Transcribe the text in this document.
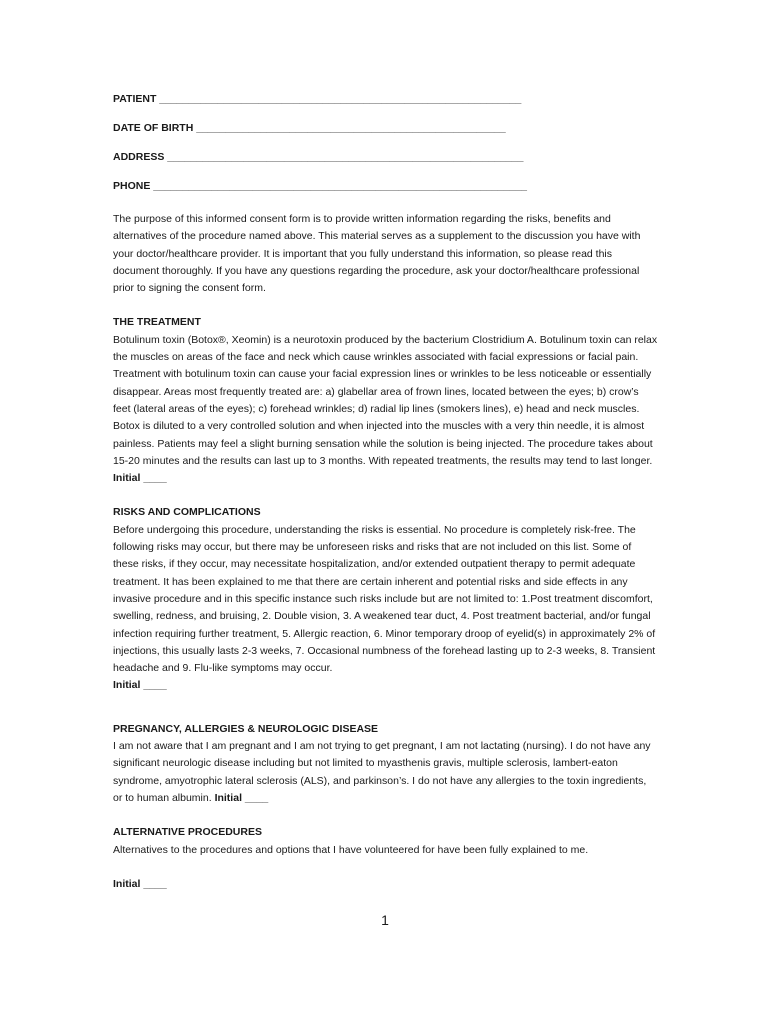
PATIENT ______________________________________________________________
DATE OF BIRTH _____________________________________________________
ADDRESS _____________________________________________________________
PHONE ________________________________________________________________

The purpose of this informed consent form is to provide written information regarding the risks, benefits and alternatives of the procedure named above. This material serves as a supplement to the discussion you have with your doctor/healthcare provider. It is important that you fully understand this information, so please read this document thoroughly. If you have any questions regarding the procedure, ask your doctor/healthcare professional prior to signing the consent form.

THE TREATMENT

Botulinum toxin (Botox®, Xeomin) is a neurotoxin produced by the bacterium Clostridium A. Botulinum toxin can relax the muscles on areas of the face and neck which cause wrinkles associated with facial expressions or facial pain. Treatment with botulinum toxin can cause your facial expression lines or wrinkles to be less noticeable or essentially disappear. Areas most frequently treated are: a) glabellar area of frown lines, located between the eyes; b) crow’s feet (lateral areas of the eyes); c) forehead wrinkles; d) radial lip lines (smokers lines), e) head and neck muscles. Botox is diluted to a very controlled solution and when injected into the muscles with a very thin needle, it is almost painless. Patients may feel a slight burning sensation while the solution is being injected. The procedure takes about 15-20 minutes and the results can last up to 3 months. With repeated treatments, the results may tend to last longer.

Initial ____
RISKS AND COMPLICATIONS

Before undergoing this procedure, understanding the risks is essential. No procedure is completely risk-free. The following risks may occur, but there may be unforeseen risks and risks that are not included on this list. Some of these risks, if they occur, may necessitate hospitalization, and/or extended outpatient therapy to permit adequate treatment. It has been explained to me that there are certain inherent and potential risks and side effects in any invasive procedure and in this specific instance such risks include but are not limited to: 1.Post treatment discomfort, swelling, redness, and bruising, 2. Double vision, 3. A weakened tear duct, 4. Post treatment bacterial, and/or fungal infection requiring further treatment, 5. Allergic reaction, 6. Minor temporary droop of eyelid(s) in approximately 2% of injections, this usually lasts 2-3 weeks, 7. Occasional numbness of the forehead lasting up to 2-3 weeks, 8. Transient headache and 9. Flu-like symptoms may occur.

Initial ____
PREGNANCY, ALLERGIES & NEUROLOGIC DISEASE

I am not aware that I am pregnant and I am not trying to get pregnant, I am not lactating (nursing). I do not have any significant neurologic disease including but not limited to myasthenis gravis, multiple sclerosis, lambert-eaton syndrome, amyotrophic lateral sclerosis (ALS), and parkinson’s. I do not have any allergies to the toxin ingredients, or to human albumin. Initial ____

ALTERNATIVE PROCEDURES

Alternatives to the procedures and options that I have volunteered for have been fully explained to me.

Initial ____

1
